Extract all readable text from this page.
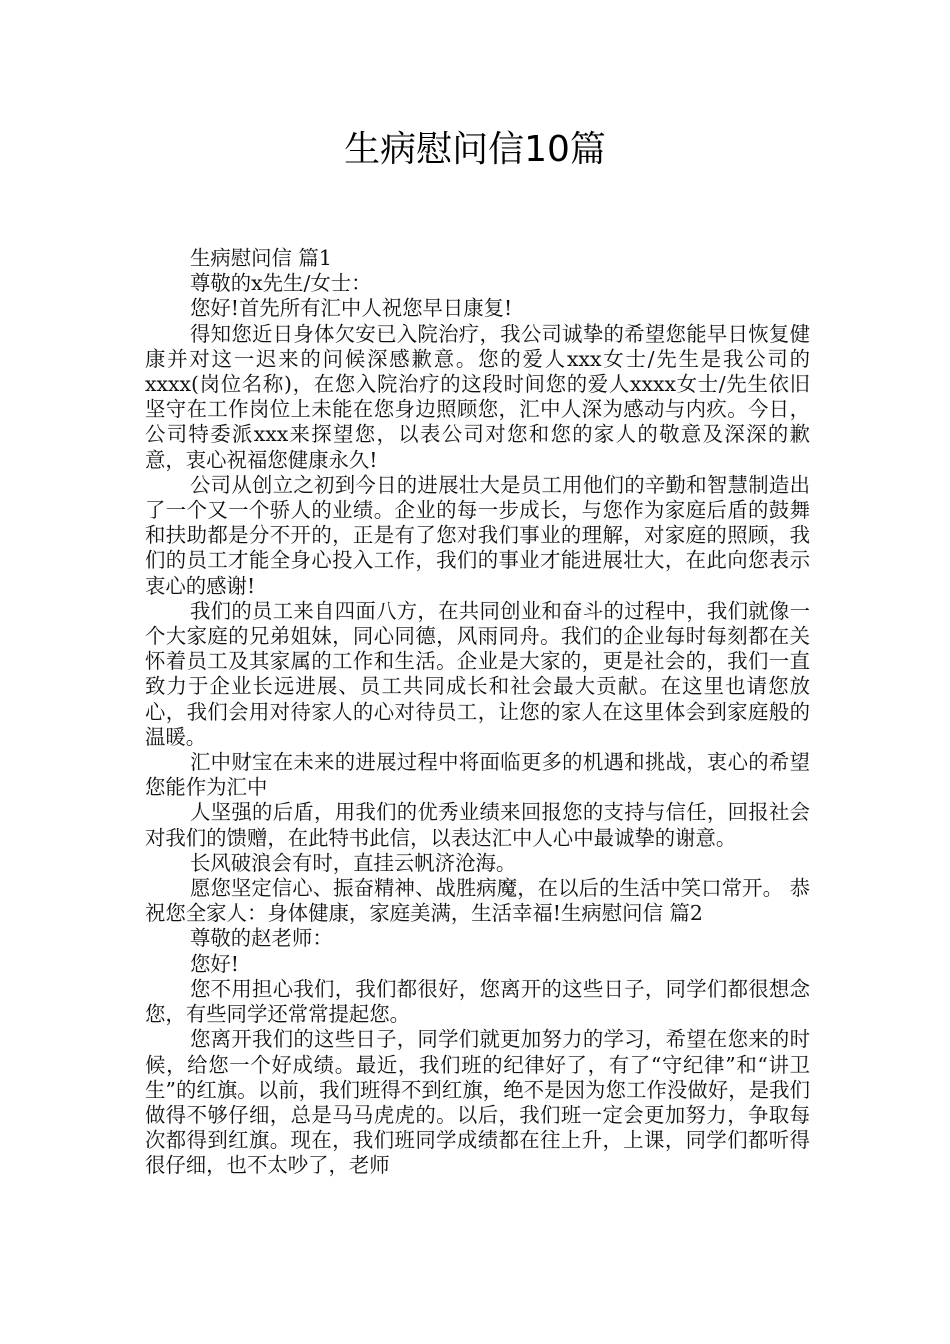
生病慰问信10篇

生病慰问信 篇1

尊敬的x先生/女士：

您好!首先所有汇中人祝您早日康复!

得知您近日身体欠安已入院治疗，我公司诚挚的希望您能早日恢复健康并对这一迟来的问候深感歉意。您的爱人xxx女士/先生是我公司的xxxx(岗位名称)，在您入院治疗的这段时间您的爱人xxxx女士/先生依旧坚守在工作岗位上未能在您身边照顾您，汇中人深为感动与内疚。今日，公司特委派xxx来探望您，以表公司对您和您的家人的敬意及深深的歉意，衷心祝福您健康永久!

公司从创立之初到今日的进展壮大是员工用他们的辛勤和智慧制造出了一个又一个骄人的业绩。企业的每一步成长，与您作为家庭后盾的鼓舞和扶助都是分不开的，正是有了您对我们事业的理解，对家庭的照顾，我们的员工才能全身心投入工作，我们的事业才能进展壮大，在此向您表示衷心的感谢!

我们的员工来自四面八方，在共同创业和奋斗的过程中，我们就像一个大家庭的兄弟姐妹，同心同德，风雨同舟。我们的企业每时每刻都在关怀着员工及其家属的工作和生活。企业是大家的，更是社会的，我们一直致力于企业长远进展、员工共同成长和社会最大贡献。在这里也请您放心，我们会用对待家人的心对待员工，让您的家人在这里体会到家庭般的温暖。

汇中财宝在未来的进展过程中将面临更多的机遇和挑战，衷心的希望您能作为汇中

人坚强的后盾，用我们的优秀业绩来回报您的支持与信任，回报社会对我们的馈赠，在此特书此信，以表达汇中人心中最诚挚的谢意。

长风破浪会有时，直挂云帆济沧海。

愿您坚定信心、振奋精神、战胜病魔，在以后的生活中笑口常开。 恭祝您全家人：身体健康，家庭美满，生活幸福!生病慰问信 篇2

尊敬的赵老师：

您好!

您不用担心我们，我们都很好，您离开的这些日子，同学们都很想念您，有些同学还常常提起您。

您离开我们的这些日子，同学们就更加努力的学习，希望在您来的时候，给您一个好成绩。最近，我们班的纪律好了，有了“守纪律”和“讲卫生”的红旗。以前，我们班得不到红旗，绝不是因为您工作没做好，是我们做得不够仔细，总是马马虎虎的。以后，我们班一定会更加努力，争取每次都得到红旗。现在，我们班同学成绩都在往上升，上课，同学们都听得很仔细，也不太吵了，老师
